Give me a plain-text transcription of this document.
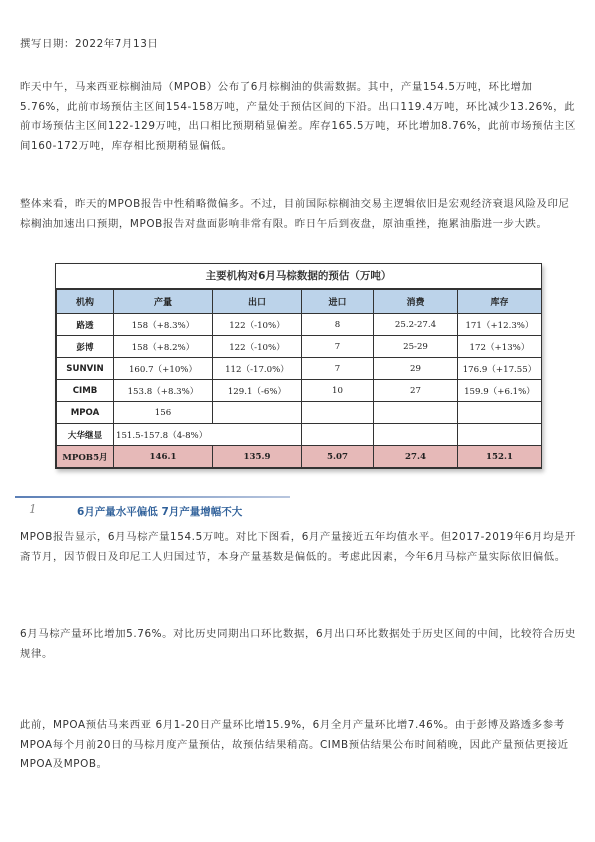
撰写日期：2022年7月13日

昨天中午，马来西亚棕榈油局（MPOB）公布了6月棕榈油的供需数据。其中，产量154.5万吨，环比增加5.76%，此前市场预估主区间154-158万吨，产量处于预估区间的下沿。出口119.4万吨，环比减少13.26%，此前市场预估主区间122-129万吨，出口相比预期稍显偏差。库存165.5万吨，环比增加8.76%，此前市场预估主区间160-172万吨，库存相比预期稍显偏低。

整体来看，昨天的MPOB报告中性稍略微偏多。不过，目前国际棕榈油交易主逻辑依旧是宏观经济衰退风险及印尼棕榈油加速出口预期，MPOB报告对盘面影响非常有限。昨日午后到夜盘，原油重挫，拖累油脂进一步大跌。

主要机构对6月马棕数据的预估（万吨）
机构	产量	出口	进口	消费	库存
路透	158（+8.3%）	122（-10%）	8	25.2-27.4	171（+12.3%）
彭博	158（+8.2%）	122（-10%）	7	25-29	172（+13%）
SUNVIN	160.7（+10%）	112（-17.0%）	7	29	176.9（+17.55）
CIMB	153.8（+8.3%）	129.1（-6%）	10	27	159.9（+6.1%）
MPOA	156				
大华继显	151.5-157.8（4-8%）				
MPOB5月	146.1	135.9	5.07	27.4	152.1
1	6月产量水平偏低 7月产量增幅不大

MPOB报告显示，6月马棕产量154.5万吨。对比下图看，6月产量接近五年均值水平。但2017-2019年6月均是开斋节月，因节假日及印尼工人归国过节，本身产量基数是偏低的。考虑此因素，今年6月马棕产量实际依旧偏低。

6月马棕产量环比增加5.76%。对比历史同期出口环比数据，6月出口环比数据处于历史区间的中间，比较符合历史规律。

此前，MPOA预估马来西亚 6月1-20日产量环比增15.9%，6月全月产量环比增7.46%。由于彭博及路透多参考MPOA每个月前20日的马棕月度产量预估，故预估结果稍高。CIMB预估结果公布时间稍晚，因此产量预估更接近MPOA及MPOB。
